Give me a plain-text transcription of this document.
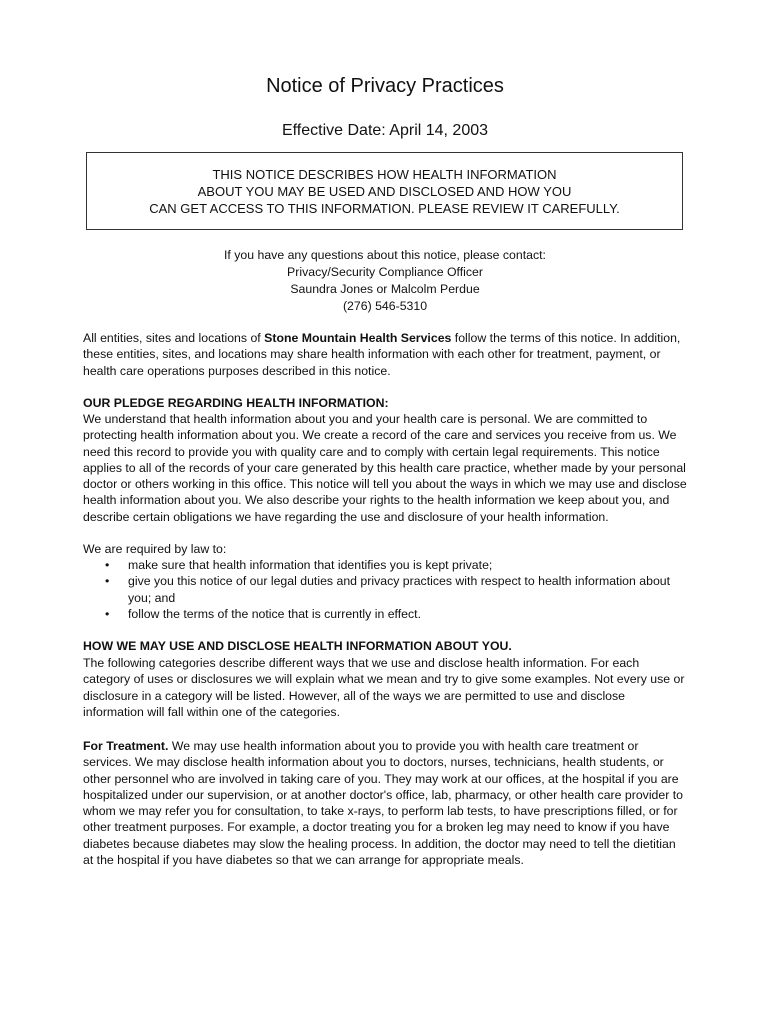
Notice of Privacy Practices

Effective Date: April 14, 2003

THIS NOTICE DESCRIBES HOW HEALTH INFORMATION
ABOUT YOU MAY BE USED AND DISCLOSED AND HOW YOU
CAN GET ACCESS TO THIS INFORMATION. PLEASE REVIEW IT CAREFULLY.
If you have any questions about this notice, please contact:
Privacy/Security Compliance Officer
Saundra Jones or Malcolm Perdue
(276) 546-5310

All entities, sites and locations of Stone Mountain Health Services follow the terms of this notice. In addition, these entities, sites, and locations may share health information with each other for treatment, payment, or health care operations purposes described in this notice.

OUR PLEDGE REGARDING HEALTH INFORMATION:

We understand that health information about you and your health care is personal. We are committed to protecting health information about you. We create a record of the care and services you receive from us. We need this record to provide you with quality care and to comply with certain legal requirements. This notice applies to all of the records of your care generated by this health care practice, whether made by your personal doctor or others working in this office. This notice will tell you about the ways in which we may use and disclose health information about you. We also describe your rights to the health information we keep about you, and describe certain obligations we have regarding the use and disclosure of your health information.

We are required by law to:

• make sure that health information that identifies you is kept private;
• give you this notice of our legal duties and privacy practices with respect to health information about you; and
• follow the terms of the notice that is currently in effect.
HOW WE MAY USE AND DISCLOSE HEALTH INFORMATION ABOUT YOU.

The following categories describe different ways that we use and disclose health information. For each category of uses or disclosures we will explain what we mean and try to give some examples. Not every use or disclosure in a category will be listed. However, all of the ways we are permitted to use and disclose information will fall within one of the categories.

For Treatment. We may use health information about you to provide you with health care treatment or services. We may disclose health information about you to doctors, nurses, technicians, health students, or other personnel who are involved in taking care of you. They may work at our offices, at the hospital if you are hospitalized under our supervision, or at another doctor's office, lab, pharmacy, or other health care provider to whom we may refer you for consultation, to take x-rays, to perform lab tests, to have prescriptions filled, or for other treatment purposes. For example, a doctor treating you for a broken leg may need to know if you have diabetes because diabetes may slow the healing process. In addition, the doctor may need to tell the dietitian at the hospital if you have diabetes so that we can arrange for appropriate meals.
